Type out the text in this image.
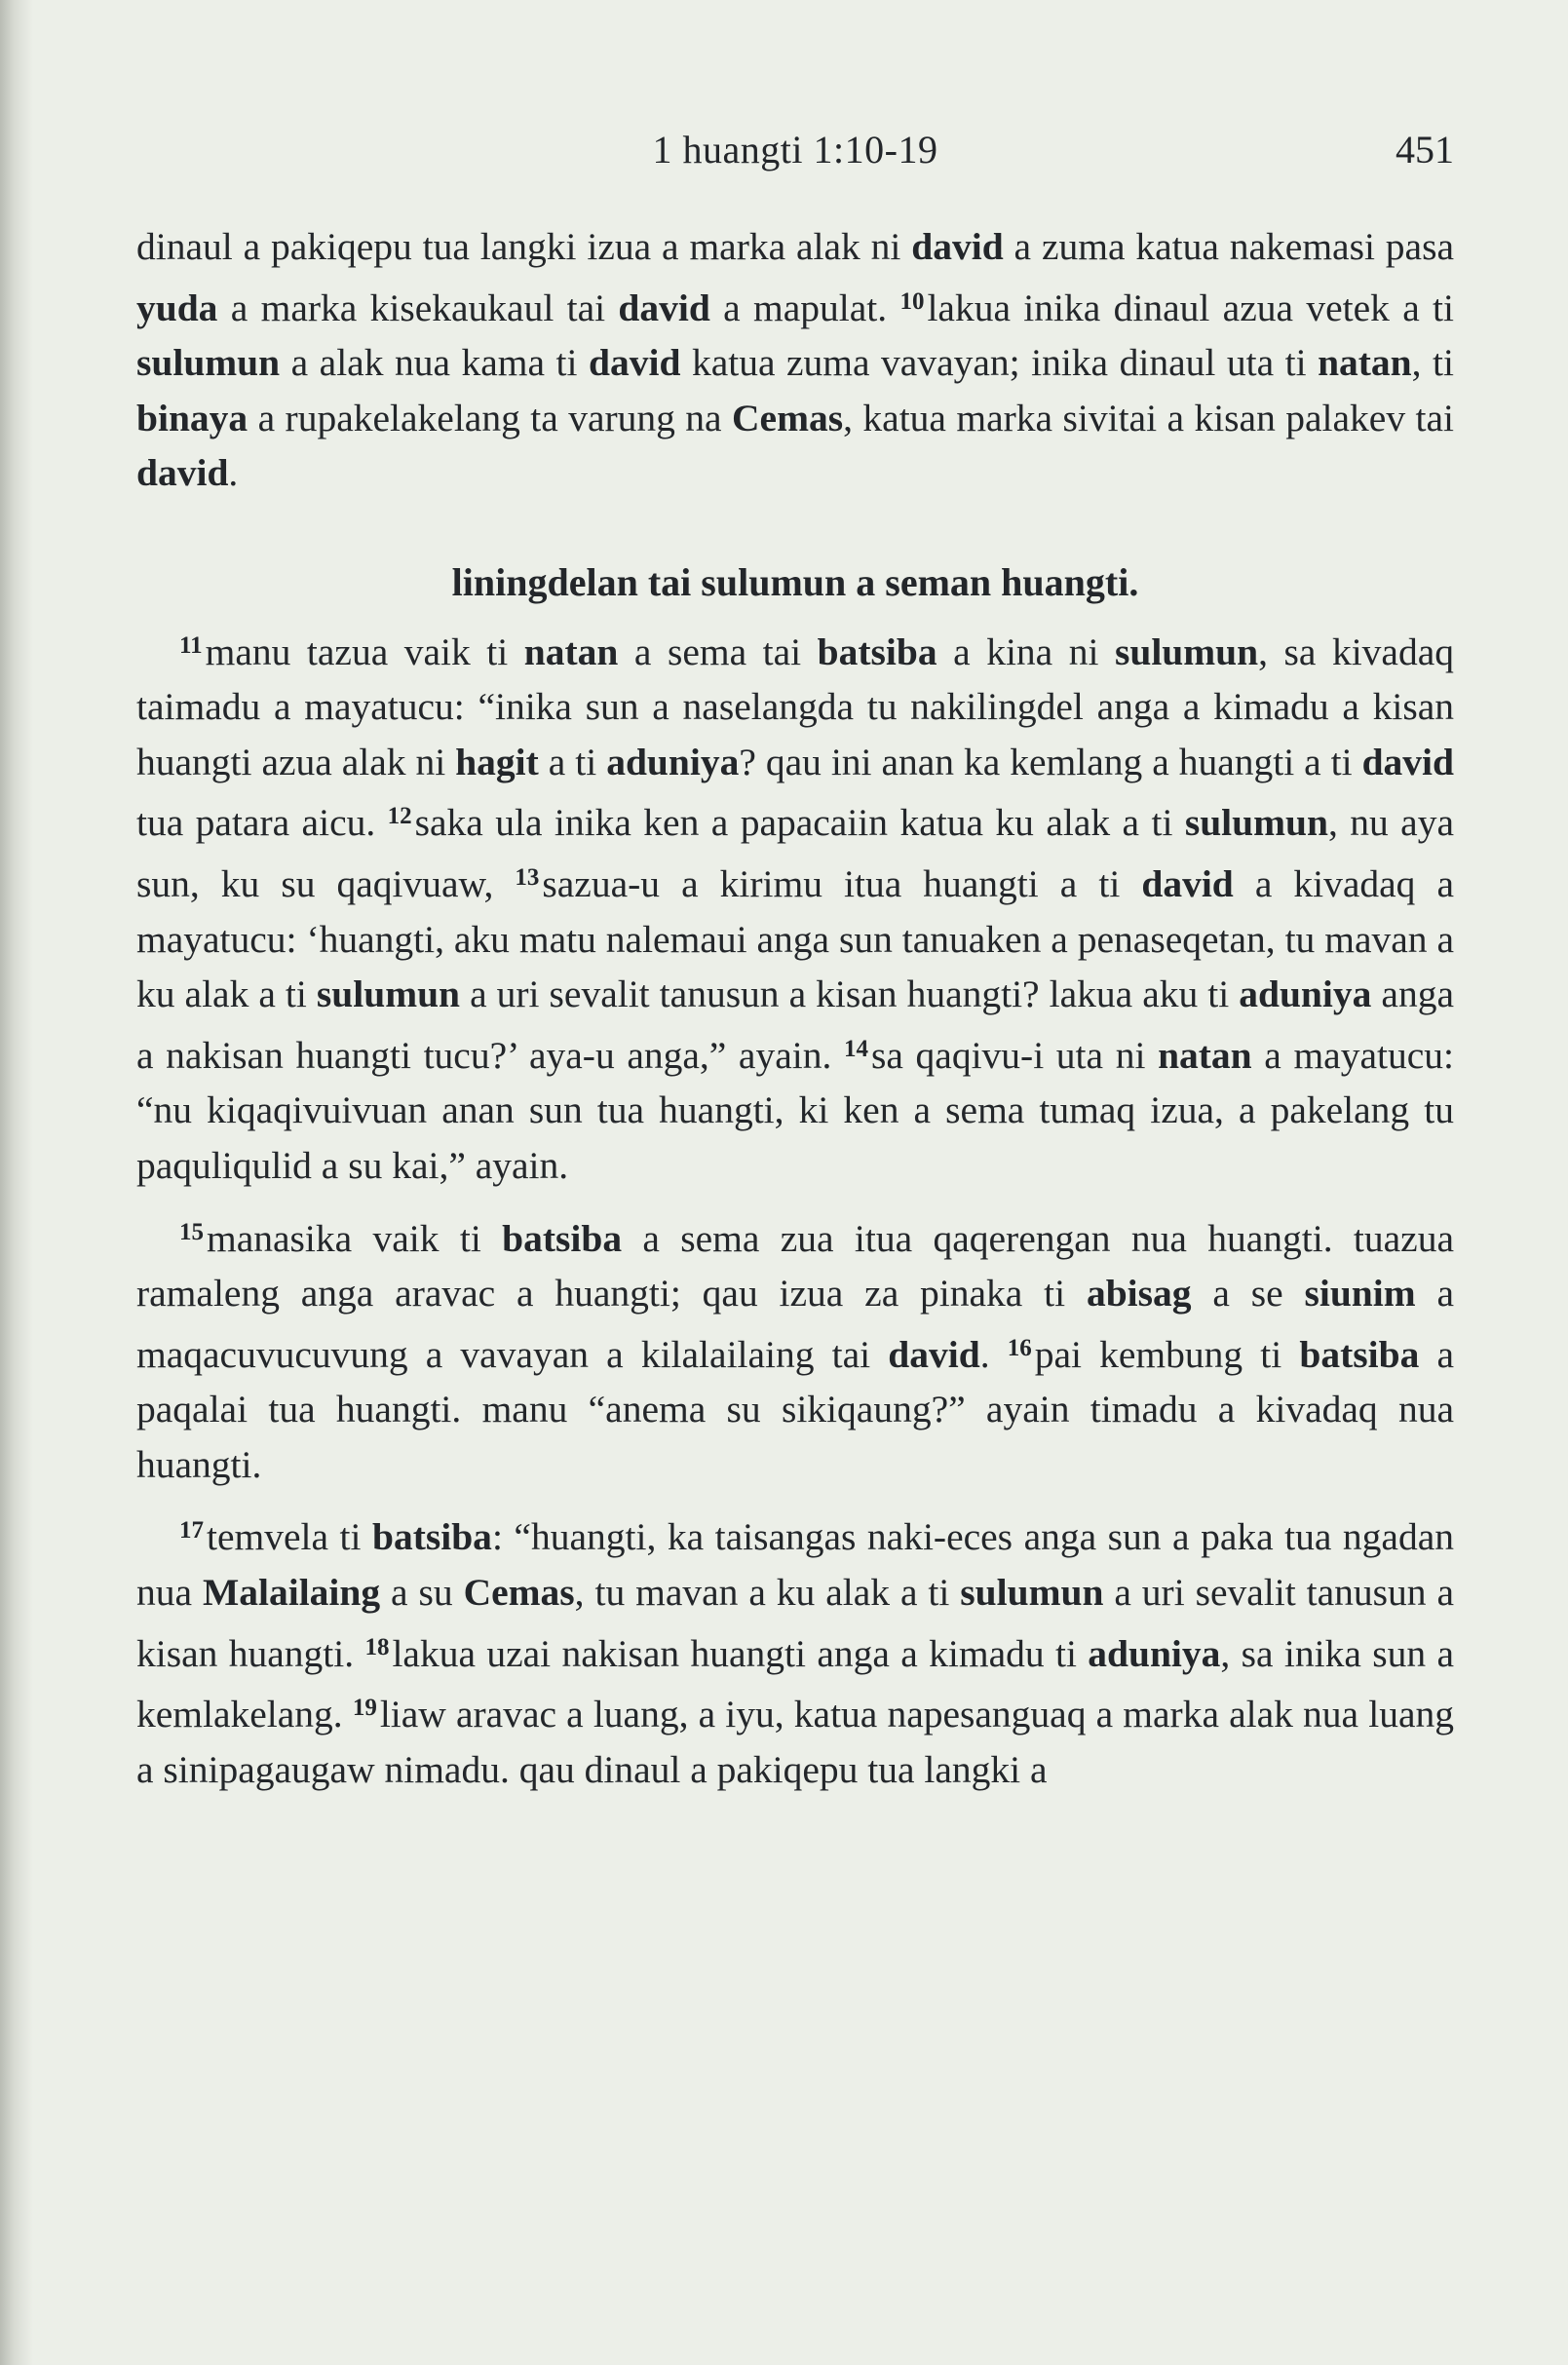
1 huangti 1:10-19	451

dinaul a pakiqepu tua langki izua a marka alak ni david a zuma katua nakemasi pasa yuda a marka kisekaukaul tai david a mapulat. $^{10}$lakua inika dinaul azua vetek a ti sulumun a alak nua kama ti david katua zuma vavayan; inika dinaul uta ti natan, ti binaya a rupakelakelang ta varung na Cemas, katua marka sivitai a kisan palakev tai david.

liningdelan tai sulumun a seman huangti.

$^{11}$manu tazua vaik ti natan a sema tai batsiba a kina ni sulumun, sa kivadaq taimadu a mayatucu: “inika sun a naselangda tu nakilingdel anga a kimadu a kisan huangti azua alak ni hagit a ti aduniya? qau ini anan ka kemlang a huangti a ti david tua patara aicu. $^{12}$saka ula inika ken a papacaiin katua ku alak a ti sulumun, nu aya sun, ku su qaqivuaw, $^{13}$sazua-u a kirimu itua huangti a ti david a kivadaq a mayatucu: ‘huangti, aku matu nalemaui anga sun tanuaken a penaseqetan, tu mavan a ku alak a ti sulumun a uri sevalit tanusun a kisan huangti? lakua aku ti aduniya anga a nakisan huangti tucu?’ aya-u anga,” ayain. $^{14}$sa qaqivu-i uta ni natan a mayatucu: “nu kiqaqivuivuan anan sun tua huangti, ki ken a sema tumaq izua, a pakelang tu paquliqulid a su kai,” ayain.

$^{15}$manasika vaik ti batsiba a sema zua itua qaqerengan nua huangti. tuazua ramaleng anga aravac a huangti; qau izua za pinaka ti abisag a se siunim a maqacuvucuvung a vavayan a kilalailaing tai david. $^{16}$pai kembung ti batsiba a paqalai tua huangti. manu “anema su sikiqaung?” ayain timadu a kivadaq nua huangti.

$^{17}$temvela ti batsiba: “huangti, ka taisangas naki-eces anga sun a paka tua ngadan nua Malailaing a su Cemas, tu mavan a ku alak a ti sulumun a uri sevalit tanusun a kisan huangti. $^{18}$lakua uzai nakisan huangti anga a kimadu ti aduniya, sa inika sun a kemlakelang. $^{19}$liaw aravac a luang, a iyu, katua napesanguaq a marka alak nua luang a sinipagaugaw nimadu. qau dinaul a pakiqepu tua langki a
